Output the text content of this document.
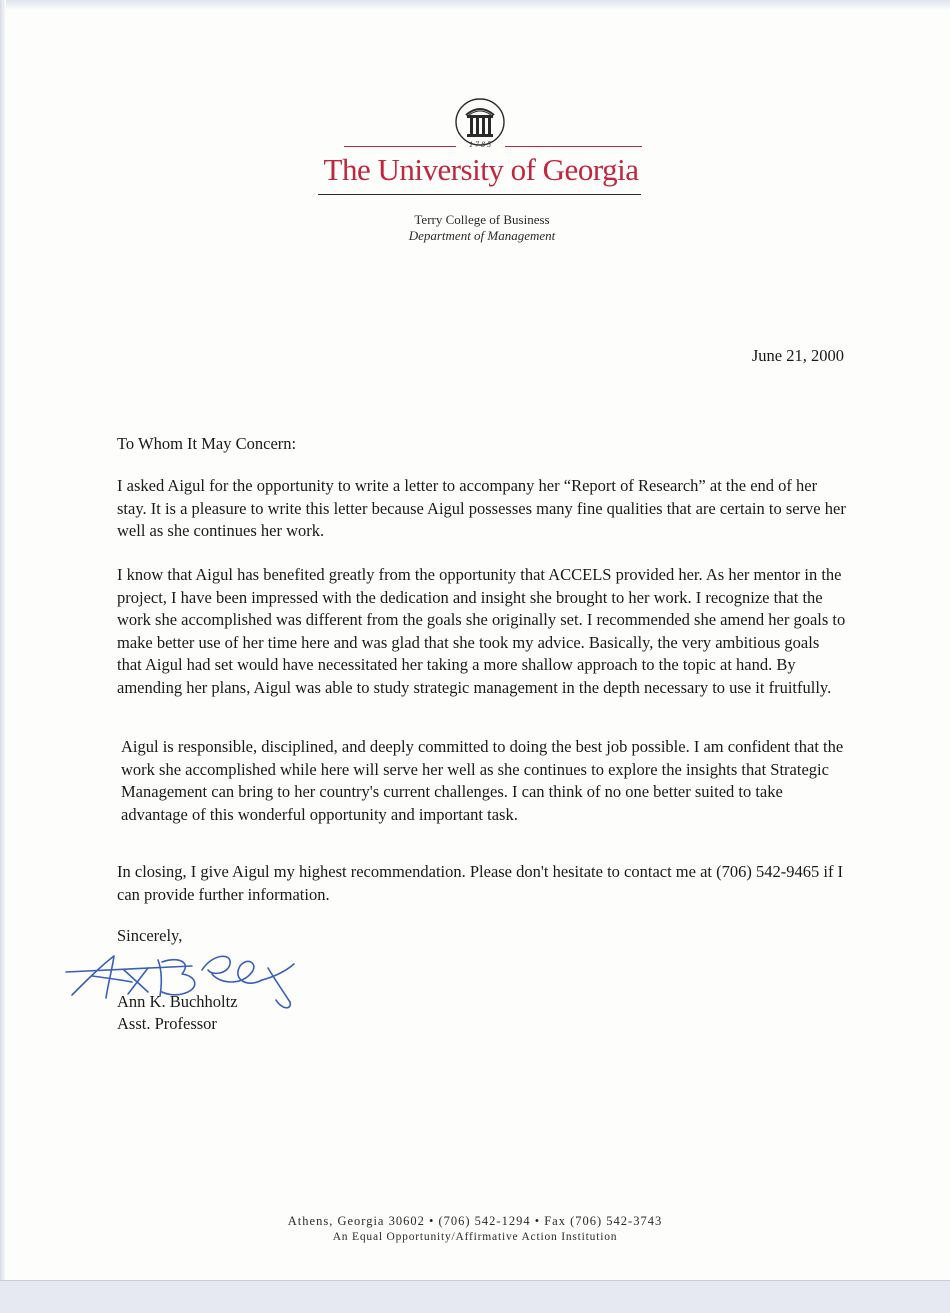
1785
The University of Georgia
Terry College of Business
Department of Management
June 21, 2000
To Whom It May Concern:

I asked Aigul for the opportunity to write a letter to accompany her “Report of Research” at the end of her stay. It is a pleasure to write this letter because Aigul possesses many fine qualities that are certain to serve her well as she continues her work.

I know that Aigul has benefited greatly from the opportunity that ACCELS provided her. As her mentor in the project, I have been impressed with the dedication and insight she brought to her work. I recognize that the work she accomplished was different from the goals she originally set. I recommended she amend her goals to make better use of her time here and was glad that she took my advice. Basically, the very ambitious goals that Aigul had set would have necessitated her taking a more shallow approach to the topic at hand. By amending her plans, Aigul was able to study strategic management in the depth necessary to use it fruitfully.

Aigul is responsible, disciplined, and deeply committed to doing the best job possible. I am confident that the work she accomplished while here will serve her well as she continues to explore the insights that Strategic Management can bring to her country's current challenges. I can think of no one better suited to take advantage of this wonderful opportunity and important task.

In closing, I give Aigul my highest recommendation. Please don't hesitate to contact me at (706) 542-9465 if I can provide further information.

Sincerely,
Ann K. Buchholtz
Asst. Professor
Athens, Georgia 30602 • (706) 542-1294 • Fax (706) 542-3743
An Equal Opportunity/Affirmative Action Institution
